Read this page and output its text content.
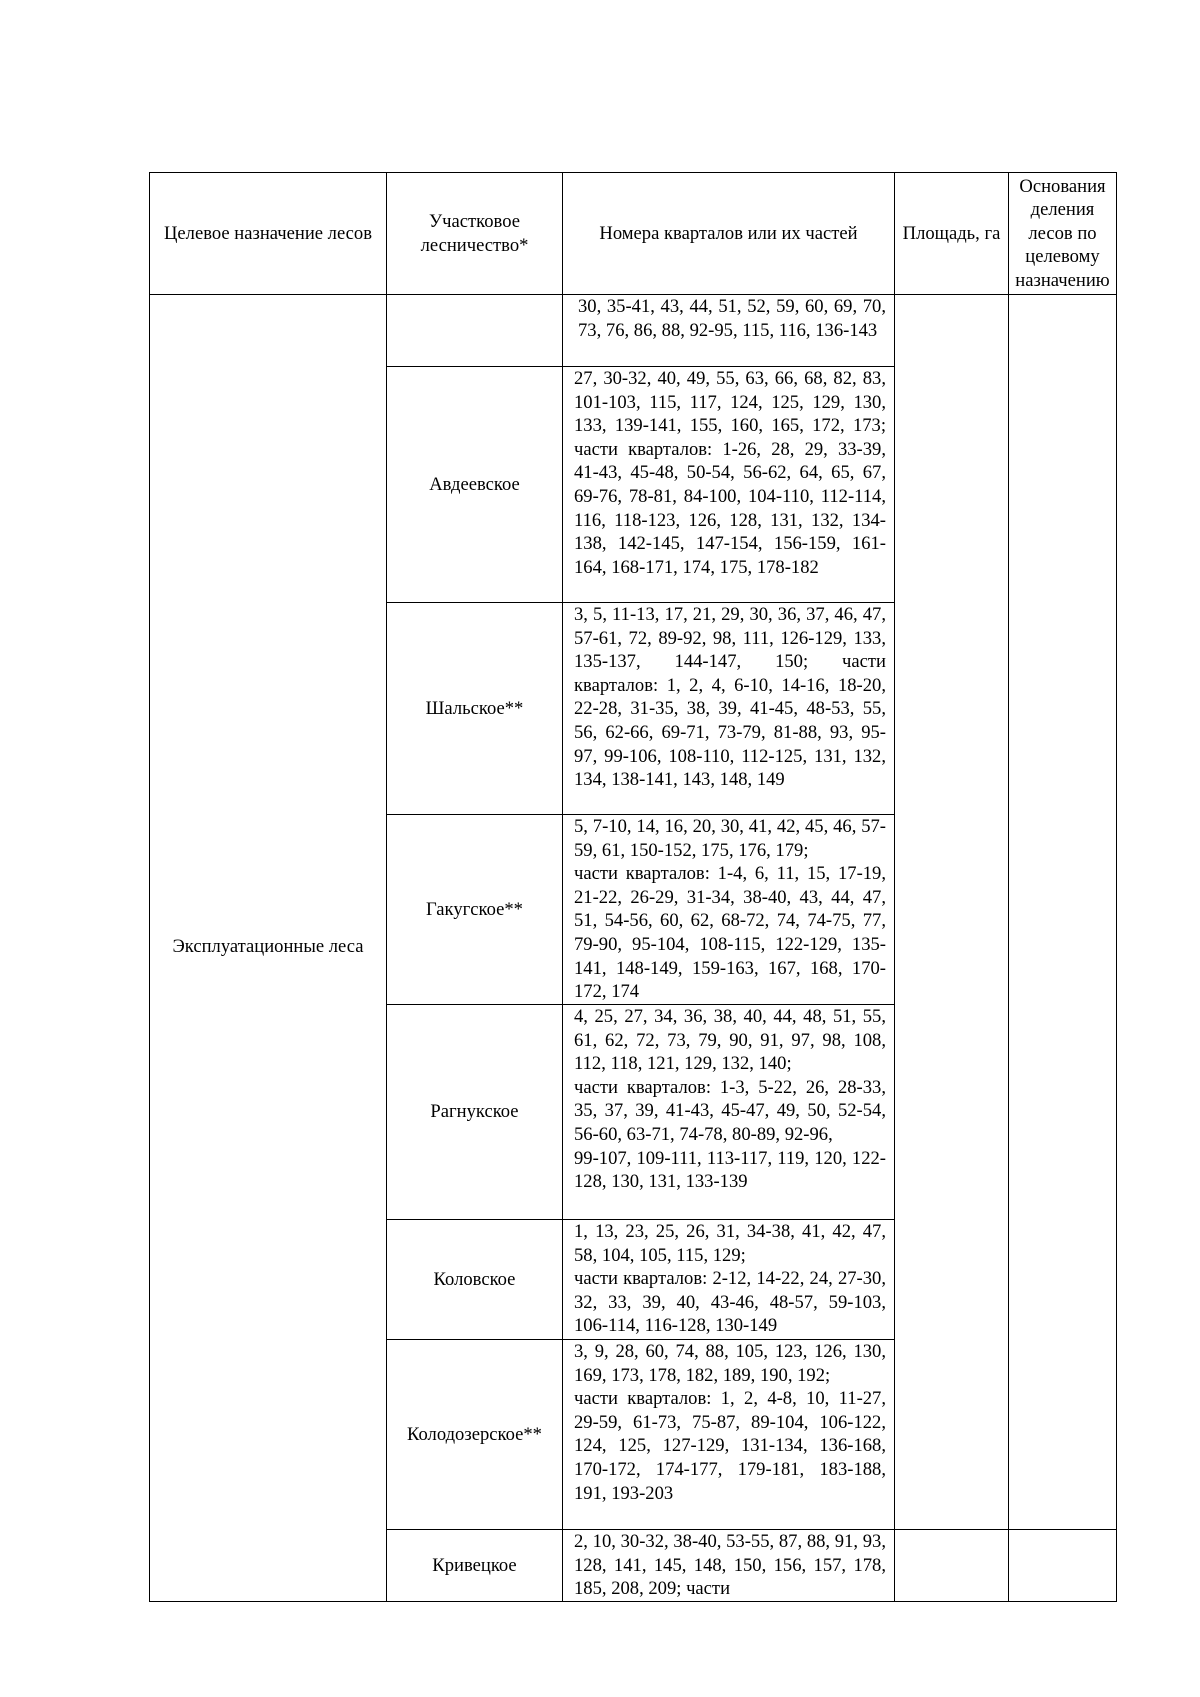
Целевое назначение лесов	Участковое лесничество*	Номера кварталов или их частей	Площадь, га	Основания деления лесов по целевому назначению

Эксплуатационные леса		30, 35-41, 43, 44, 51, 52, 59, 60, 69, 70, 73, 76, 86, 88, 92-95, 115, 116, 136-143		

	Авдеевское	27, 30-32, 40, 49, 55, 63, 66, 68, 82, 83, 101-103, 115, 117, 124, 125, 129, 130, 133, 139-141, 155, 160, 165, 172, 173; части кварталов: 1-26, 28, 29, 33-39, 41-43, 45-48, 50-54, 56-62, 64, 65, 67, 69-76, 78-81, 84-100, 104-110, 112-114, 116, 118-123, 126, 128, 131, 132, 134-138, 142-145, 147-154, 156-159, 161-164, 168-171, 174, 175, 178-182		

	Шальское**	3, 5, 11-13, 17, 21, 29, 30, 36, 37, 46, 47, 57-61, 72, 89-92, 98, 111, 126-129, 133, 135-137, 144-147, 150; части кварталов: 1, 2, 4, 6-10, 14-16, 18-20, 22-28, 31-35, 38, 39, 41-45, 48-53, 55, 56, 62-66, 69-71, 73-79, 81-88, 93, 95-97, 99-106, 108-110, 112-125, 131, 132, 134, 138-141, 143, 148, 149		

	Гакугское**	5, 7-10, 14, 16, 20, 30, 41, 42, 45, 46, 57-59, 61, 150-152, 175, 176, 179;
части кварталов: 1-4, 6, 11, 15, 17-19, 21-22, 26-29, 31-34, 38-40, 43, 44, 47, 51, 54-56, 60, 62, 68-72, 74, 74-75, 77, 79-90, 95-104, 108-115, 122-129, 135-141, 148-149, 159-163, 167, 168, 170-172, 174		

	Рагнукское	4, 25, 27, 34, 36, 38, 40, 44, 48, 51, 55, 61, 62, 72, 73, 79, 90, 91, 97, 98, 108, 112, 118, 121, 129, 132, 140;
части кварталов: 1-3, 5-22, 26, 28-33, 35, 37, 39, 41-43, 45-47, 49, 50, 52-54, 56-60, 63-71, 74-78, 80-89, 92-96,
99-107, 109-111, 113-117, 119, 120, 122-128, 130, 131, 133-139		

	Коловское	1, 13, 23, 25, 26, 31, 34-38, 41, 42, 47, 58, 104, 105, 115, 129;
части кварталов: 2-12, 14-22, 24, 27-30, 32, 33, 39, 40, 43-46, 48-57, 59-103, 106-114, 116-128, 130-149		

	Колодозерское**	3, 9, 28, 60, 74, 88, 105, 123, 126, 130, 169, 173, 178, 182, 189, 190, 192;
части кварталов: 1, 2, 4-8, 10, 11-27, 29-59, 61-73, 75-87, 89-104, 106-122, 124, 125, 127-129, 131-134, 136-168, 170-172, 174-177, 179-181, 183-188, 191, 193-203		

	Кривецкое	2, 10, 30-32, 38-40, 53-55, 87, 88, 91, 93, 128, 141, 145, 148, 150, 156, 157, 178, 185, 208, 209; части		
